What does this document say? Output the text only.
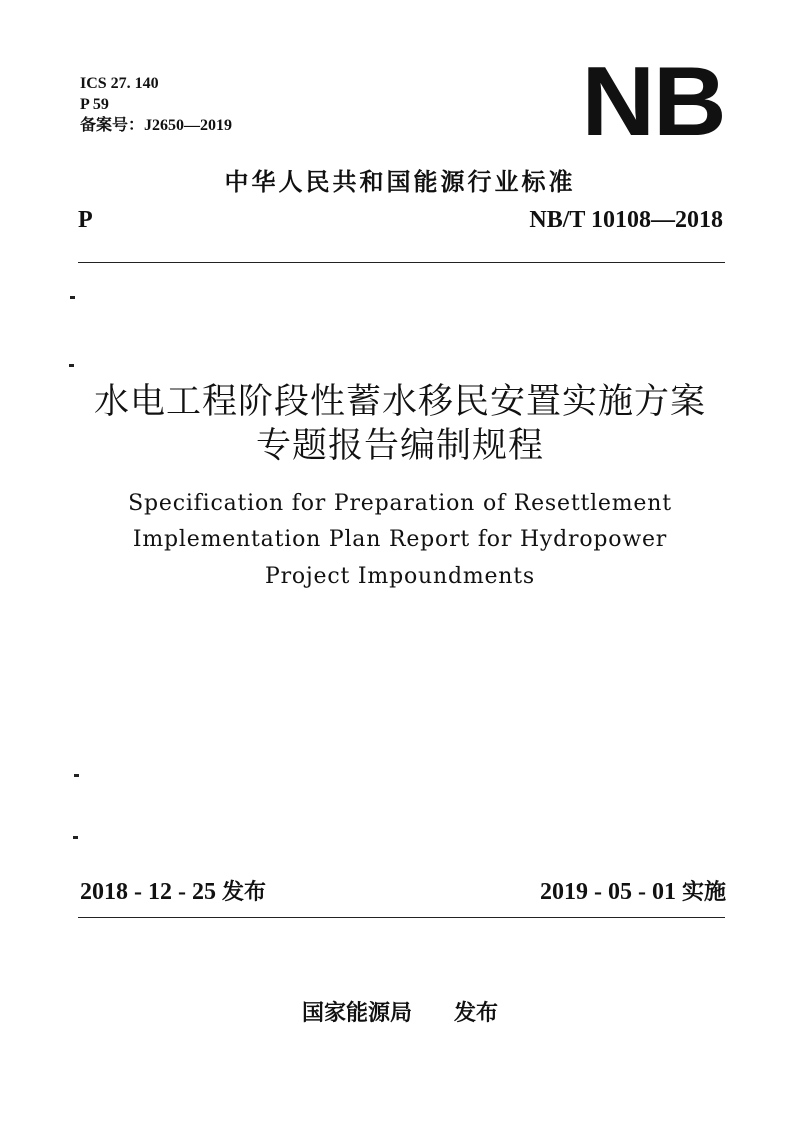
ICS 27. 140
P 59
备案号：J2650—2019	NB
中华人民共和国能源行业标准
P	NB/T 10108—2018
水电工程阶段性蓄水移民安置实施方案
专题报告编制规程
Specification for Preparation of Resettlement
Implementation Plan Report for Hydropower
Project Impoundments
2018 - 12 - 25 发布	2019 - 05 - 01 实施
国家能源局 发布
